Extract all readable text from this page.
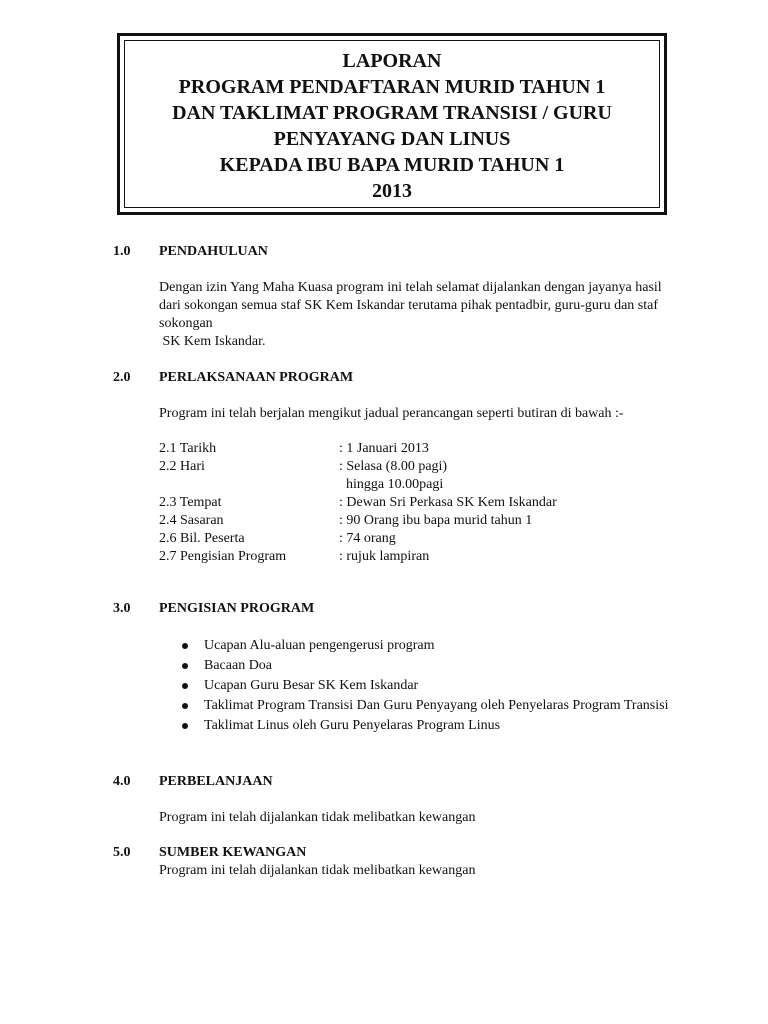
LAPORAN
PROGRAM PENDAFTARAN MURID TAHUN 1
DAN TAKLIMAT PROGRAM TRANSISI / GURU
PENYAYANG DAN LINUS
KEPADA IBU BAPA MURID TAHUN 1
2013
1.0	PENDAHULUAN
Dengan izin Yang Maha Kuasa program ini telah selamat dijalankan dengan jayanya hasil
dari sokongan semua staf SK Kem Iskandar terutama pihak pentadbir, guru-guru dan staf
sokongan
SK Kem Iskandar.
2.0	PERLAKSANAAN PROGRAM
Program ini telah berjalan mengikut jadual perancangan seperti butiran di bawah :-
2.1 Tarikh	: 1 Januari 2013
2.2 Hari	: Selasa (8.00 pagi)
hingga 10.00pagi
2.3 Tempat	: Dewan Sri Perkasa SK Kem Iskandar
2.4 Sasaran	: 90 Orang ibu bapa murid tahun 1
2.6 Bil. Peserta	: 74 orang
2.7 Pengisian Program	: rujuk lampiran
3.0	PENGISIAN PROGRAM
Ucapan Alu-aluan pengengerusi program
Bacaan Doa
Ucapan Guru Besar SK Kem Iskandar
Taklimat Program Transisi Dan Guru Penyayang oleh Penyelaras Program Transisi
Taklimat Linus oleh Guru Penyelaras Program Linus
4.0	PERBELANJAAN
Program ini telah dijalankan tidak melibatkan kewangan
5.0	SUMBER KEWANGAN
Program ini telah dijalankan tidak melibatkan kewangan
